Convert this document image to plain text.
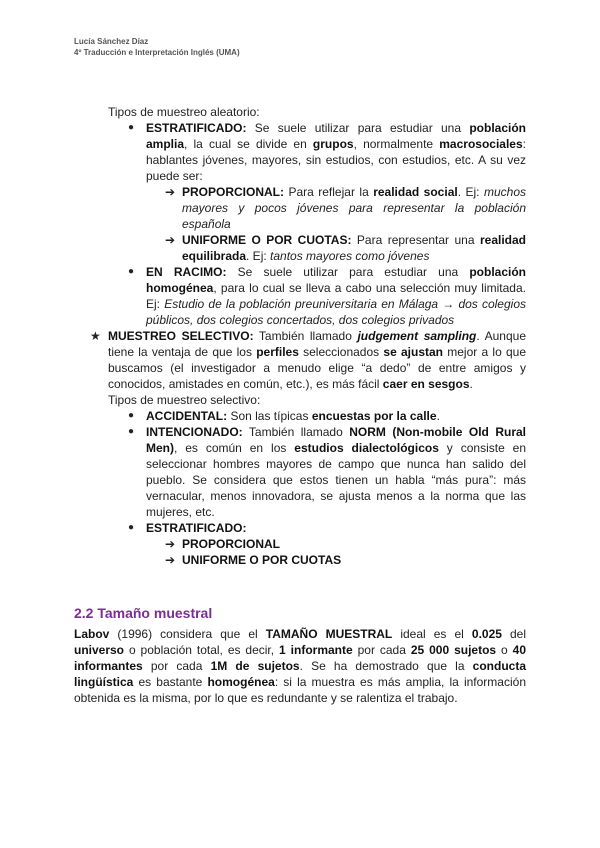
Lucía Sánchez Díaz
4º Traducción e Interpretación Inglés (UMA)

Tipos de muestreo aleatorio:

● ESTRATIFICADO: Se suele utilizar para estudiar una población amplia, la cual se divide en grupos, normalmente macrosociales: hablantes jóvenes, mayores, sin estudios, con estudios, etc. A su vez puede ser:

➔ PROPORCIONAL: Para reflejar la realidad social. Ej: muchos mayores y pocos jóvenes para representar la población española

➔ UNIFORME O POR CUOTAS: Para representar una realidad equilibrada. Ej: tantos mayores como jóvenes

● EN RACIMO: Se suele utilizar para estudiar una población homogénea, para lo cual se lleva a cabo una selección muy limitada. Ej: Estudio de la población preuniversitaria en Málaga → dos colegios públicos, dos colegios concertados, dos colegios privados

★ MUESTREO SELECTIVO: También llamado judgement sampling. Aunque tiene la ventaja de que los perfiles seleccionados se ajustan mejor a lo que buscamos (el investigador a menudo elige “a dedo” de entre amigos y conocidos, amistades en común, etc.), es más fácil caer en sesgos.

Tipos de muestreo selectivo:

● ACCIDENTAL: Son las típicas encuestas por la calle.

● INTENCIONADO: También llamado NORM (Non-mobile Old Rural Men), es común en los estudios dialectológicos y consiste en seleccionar hombres mayores de campo que nunca han salido del pueblo. Se considera que estos tienen un habla “más pura”: más vernacular, menos innovadora, se ajusta menos a la norma que las mujeres, etc.

● ESTRATIFICADO:

➔ PROPORCIONAL

➔ UNIFORME O POR CUOTAS

2.2 Tamaño muestral

Labov (1996) considera que el TAMAÑO MUESTRAL ideal es el 0.025 del universo o población total, es decir, 1 informante por cada 25 000 sujetos o 40 informantes por cada 1M de sujetos. Se ha demostrado que la conducta lingüística es bastante homogénea: si la muestra es más amplia, la información obtenida es la misma, por lo que es redundante y se ralentiza el trabajo.
